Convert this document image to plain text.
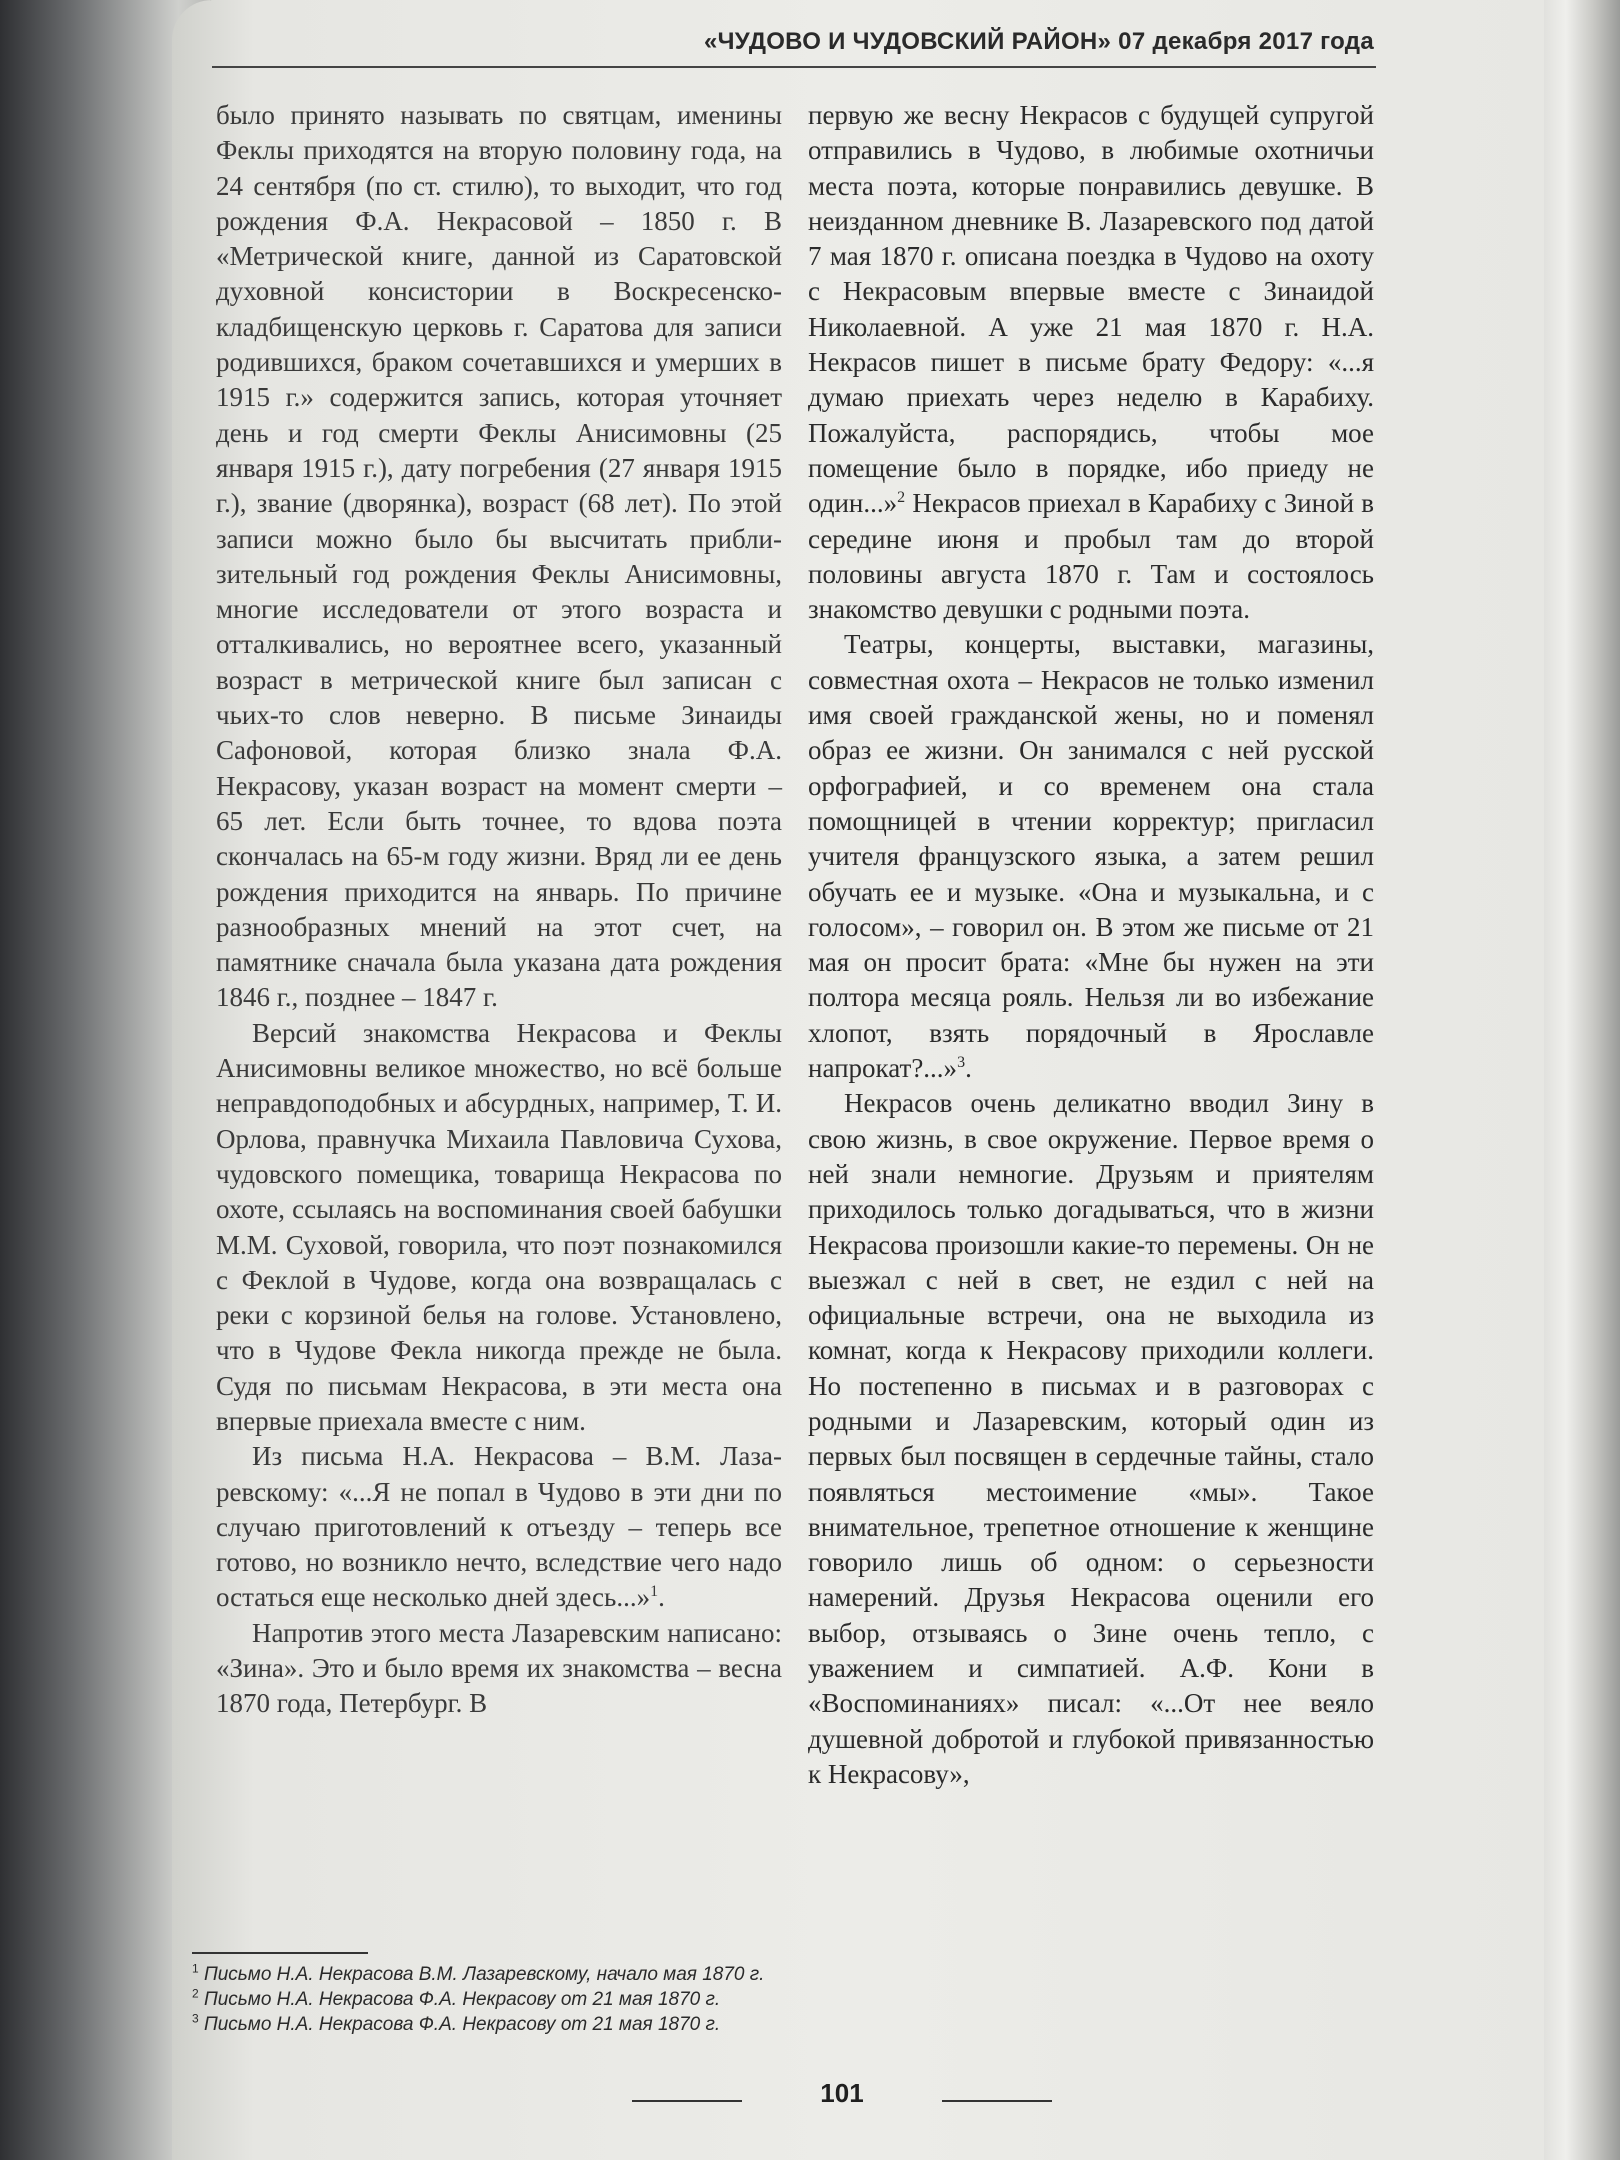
«ЧУДОВО И ЧУДОВСКИЙ РАЙОН» 07 декабря 2017 года

было принято называть по святцам, именины Феклы приходятся на вторую половину года, на 24 сентября (по ст. стилю), то выходит, что год рождения Ф.А. Некрасовой – 1850 г. В «Метрической книге, данной из Саратовской духовной консистории в Воскресенско-кладбищенскую церковь г. Саратова для записи родившихся, браком сочетавшихся и умерших в 1915 г.» содержится запись, которая уточняет день и год смерти Феклы Анисимовны (25 января 1915 г.), дату погребения (27 января 1915 г.), звание (дворянка), возраст (68 лет). По этой записи можно было бы высчитать приблизительный год рождения Феклы Анисимовны, многие исследователи от этого возраста и отталкивались, но вероятнее всего, указанный возраст в метрической книге был записан с чьих-то слов неверно. В письме Зинаиды Сафоновой, которая близко знала Ф.А. Некрасову, указан возраст на момент смерти – 65 лет. Если быть точнее, то вдова поэта скончалась на 65-м году жизни. Вряд ли ее день рождения приходится на январь. По причине разнообразных мнений на этот счет, на памятнике сначала была указана дата рождения 1846 г., позднее – 1847 г.

Версий знакомства Некрасова и Феклы Анисимовны великое множество, но всё больше неправдоподобных и абсурдных, например, Т. И. Орлова, правнучка Михаила Павловича Сухова, чудовского помещика, товарища Некрасова по охоте, ссылаясь на воспоминания своей бабушки М.М. Суховой, говорила, что поэт познакомился с Феклой в Чудове, когда она возвращалась с реки с корзиной белья на голове. Установлено, что в Чудове Фекла никогда прежде не была. Судя по письмам Некрасова, в эти места она впервые приехала вместе с ним.

Из письма Н.А. Некрасова – В.М. Лазаревскому: «...Я не попал в Чудово в эти дни по случаю приготовлений к отъезду – теперь все готово, но возникло нечто, вследствие чего надо остаться еще несколько дней здесь...»$^1$.

Напротив этого места Лазаревским написано: «Зина». Это и было время их знакомства – весна 1870 года, Петербург. В

первую же весну Некрасов с будущей супругой отправились в Чудово, в любимые охотничьи места поэта, которые понравились девушке. В неизданном дневнике В. Лазаревского под датой 7 мая 1870 г. описана поездка в Чудово на охоту с Некрасовым впервые вместе с Зинаидой Николаевной. А уже 21 мая 1870 г. Н.А. Некрасов пишет в письме брату Федору: «...я думаю приехать через неделю в Карабиху. Пожалуйста, распорядись, чтобы мое помещение было в порядке, ибо приеду не один...»$^2$ Некрасов приехал в Карабиху с Зиной в середине июня и пробыл там до второй половины августа 1870 г. Там и состоялось знакомство девушки с родными поэта.

Театры, концерты, выставки, магазины, совместная охота – Некрасов не только изменил имя своей гражданской жены, но и поменял образ ее жизни. Он занимался с ней русской орфографией, и со временем она стала помощницей в чтении корректур; пригласил учителя французского языка, а затем решил обучать ее и музыке. «Она и музыкальна, и с голосом», – говорил он. В этом же письме от 21 мая он просит брата: «Мне бы нужен на эти полтора месяца рояль. Нельзя ли во избежание хлопот, взять порядочный в Ярославле напрокат?...»$^3$.

Некрасов очень деликатно вводил Зину в свою жизнь, в свое окружение. Первое время о ней знали немногие. Друзьям и приятелям приходилось только догадываться, что в жизни Некрасова произошли какие-то перемены. Он не выезжал с ней в свет, не ездил с ней на официальные встречи, она не выходила из комнат, когда к Некрасову приходили коллеги. Но постепенно в письмах и в разговорах с родными и Лазаревским, который один из первых был посвящен в сердечные тайны, стало появляться местоимение «мы». Такое внимательное, трепетное отношение к женщине говорило лишь об одном: о серьезности намерений. Друзья Некрасова оценили его выбор, отзываясь о Зине очень тепло, с уважением и симпатией. А.Ф. Кони в «Воспоминаниях» писал: «...От нее веяло душевной добротой и глубокой привязанностью к Некрасову»,

$^1$ Письмо Н.А. Некрасова В.М. Лазаревскому, начало мая 1870 г.
$^2$ Письмо Н.А. Некрасова Ф.А. Некрасову от 21 мая 1870 г.
$^3$ Письмо Н.А. Некрасова Ф.А. Некрасову от 21 мая 1870 г.
101
